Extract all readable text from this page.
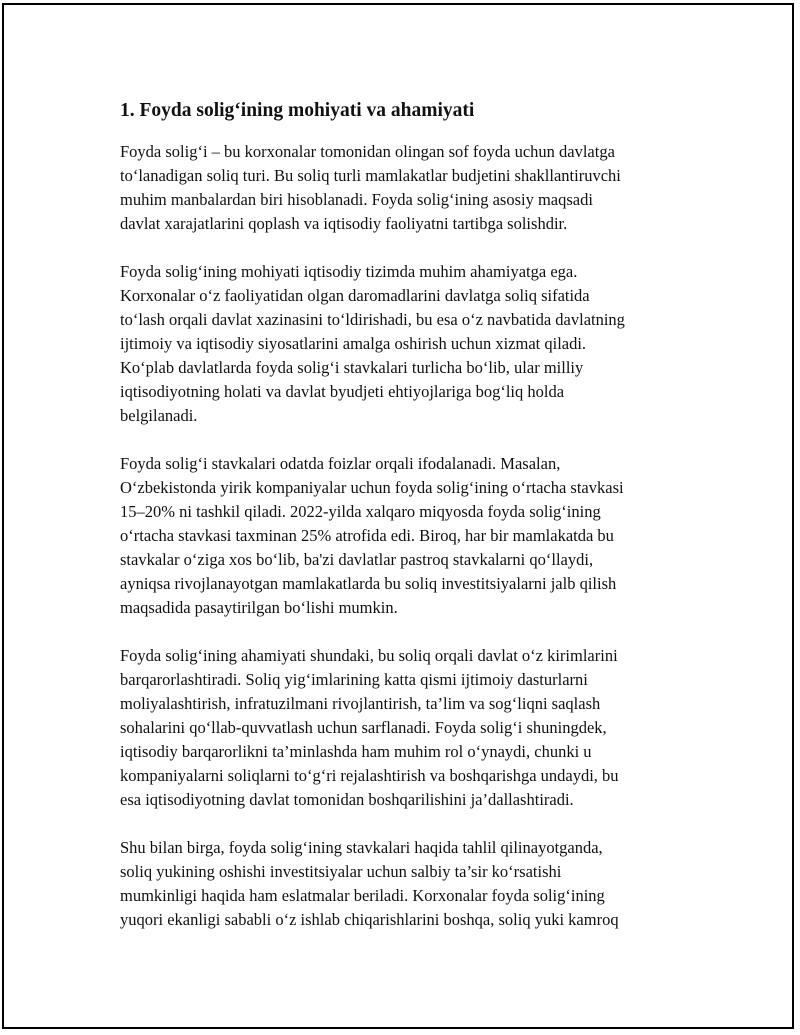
1. Foyda solig‘ining mohiyati va ahamiyati
Foyda solig‘i – bu korxonalar tomonidan olingan sof foyda uchun davlatga
to‘lanadigan soliq turi. Bu soliq turli mamlakatlar budjetini shakllantiruvchi
muhim manbalardan biri hisoblanadi. Foyda solig‘ining asosiy maqsadi
davlat xarajatlarini qoplash va iqtisodiy faoliyatni tartibga solishdir.
Foyda solig‘ining mohiyati iqtisodiy tizimda muhim ahamiyatga ega.
Korxonalar o‘z faoliyatidan olgan daromadlarini davlatga soliq sifatida
to‘lash orqali davlat xazinasini to‘ldirishadi, bu esa o‘z navbatida davlatning
ijtimoiy va iqtisodiy siyosatlarini amalga oshirish uchun xizmat qiladi.
Ko‘plab davlatlarda foyda solig‘i stavkalari turlicha bo‘lib, ular milliy
iqtisodiyotning holati va davlat byudjeti ehtiyojlariga bog‘liq holda
belgilanadi.
Foyda solig‘i stavkalari odatda foizlar orqali ifodalanadi. Masalan,
O‘zbekistonda yirik kompaniyalar uchun foyda solig‘ining o‘rtacha stavkasi
15–20% ni tashkil qiladi. 2022-yilda xalqaro miqyosda foyda solig‘ining
o‘rtacha stavkasi taxminan 25% atrofida edi. Biroq, har bir mamlakatda bu
stavkalar o‘ziga xos bo‘lib, ba'zi davlatlar pastroq stavkalarni qo‘llaydi,
ayniqsa rivojlanayotgan mamlakatlarda bu soliq investitsiyalarni jalb qilish
maqsadida pasaytirilgan bo‘lishi mumkin.
Foyda solig‘ining ahamiyati shundaki, bu soliq orqali davlat o‘z kirimlarini
barqarorlashtiradi. Soliq yig‘imlarining katta qismi ijtimoiy dasturlarni
moliyalashtirish, infratuzilmani rivojlantirish, ta’lim va sog‘liqni saqlash
sohalarini qo‘llab-quvvatlash uchun sarflanadi. Foyda solig‘i shuningdek,
iqtisodiy barqarorlikni ta’minlashda ham muhim rol o‘ynaydi, chunki u
kompaniyalarni soliqlarni to‘g‘ri rejalashtirish va boshqarishga undaydi, bu
esa iqtisodiyotning davlat tomonidan boshqarilishini ja’dallashtiradi.
Shu bilan birga, foyda solig‘ining stavkalari haqida tahlil qilinayotganda,
soliq yukining oshishi investitsiyalar uchun salbiy ta’sir ko‘rsatishi
mumkinligi haqida ham eslatmalar beriladi. Korxonalar foyda solig‘ining
yuqori ekanligi sababli o‘z ishlab chiqarishlarini boshqa, soliq yuki kamroq
